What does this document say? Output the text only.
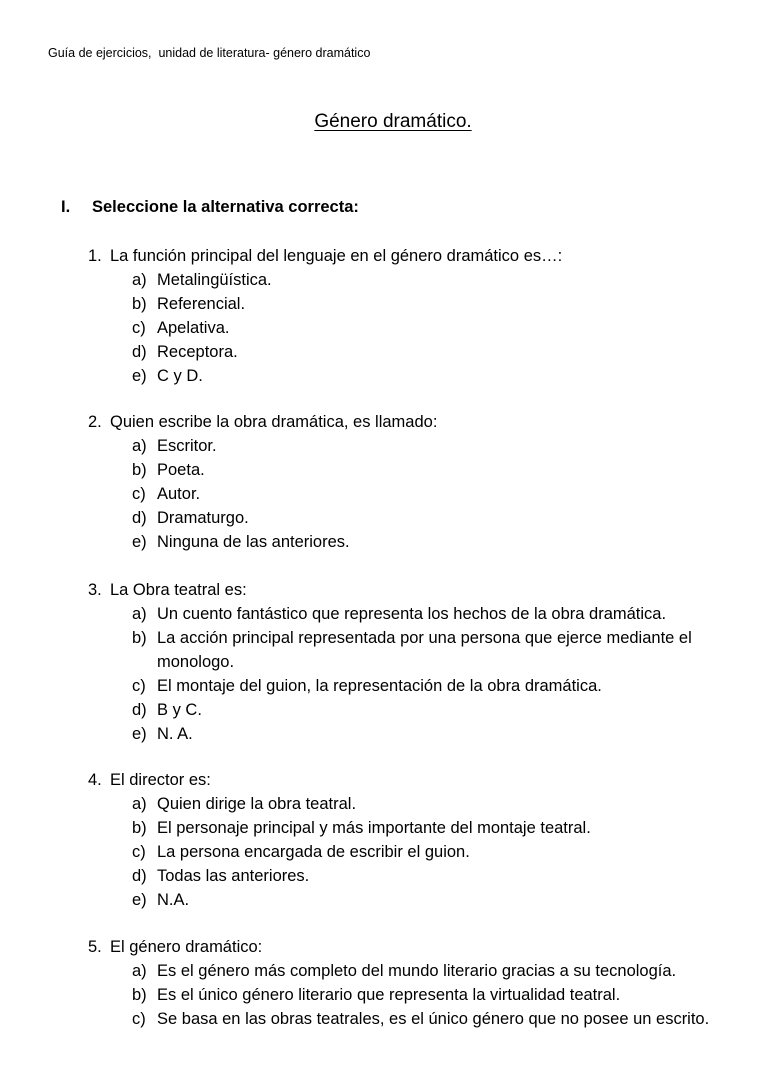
Guía de ejercicios,  unidad de literatura- género dramático
Género dramático.
I. Seleccione la alternativa correcta:
1. La función principal del lenguaje en el género dramático es…:
a) Metalingüística.
b) Referencial.
c) Apelativa.
d) Receptora.
e) C y D.
2. Quien escribe la obra dramática, es llamado:
a) Escritor.
b) Poeta.
c) Autor.
d) Dramaturgo.
e) Ninguna de las anteriores.
3. La Obra teatral es:
a) Un cuento fantástico que representa los hechos de la obra dramática.
b) La acción principal representada por una persona que ejerce mediante el monologo.
c) El montaje del guion, la representación de la obra dramática.
d) B y C.
e) N. A.
4. El director es:
a) Quien dirige la obra teatral.
b) El personaje principal y más importante del montaje teatral.
c) La persona encargada de escribir el guion.
d) Todas las anteriores.
e) N.A.
5. El género dramático:
a) Es el género más completo del mundo literario gracias a su tecnología.
b) Es el único género literario que representa la virtualidad teatral.
c) Se basa en las obras teatrales, es el único género que no posee un escrito.
